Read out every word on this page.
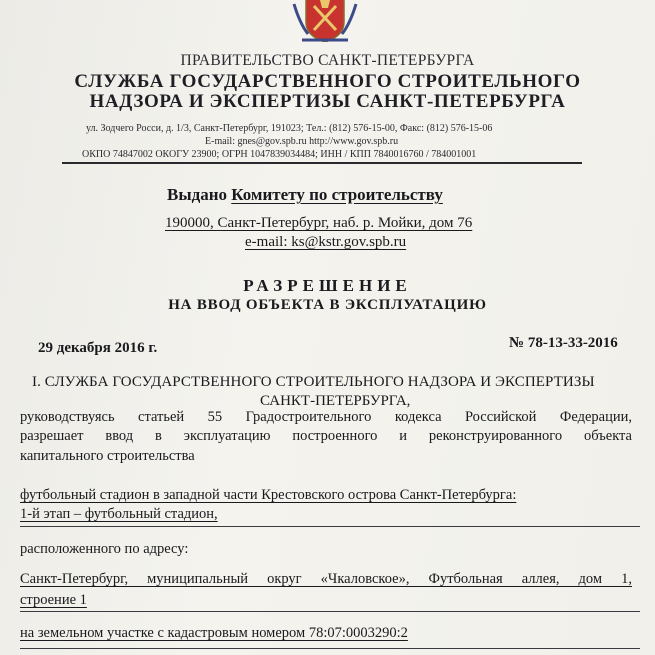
ПРАВИТЕЛЬСТВО САНКТ-ПЕТЕРБУРГА
СЛУЖБА ГОСУДАРСТВЕННОГО СТРОИТЕЛЬНОГО
НАДЗОРА И ЭКСПЕРТИЗЫ САНКТ-ПЕТЕРБУРГА
ул. Зодчего Росси, д. 1/3, Санкт-Петербург, 191023; Тел.: (812) 576-15-00, Факс: (812) 576-15-06
E-mail: gnes@gov.spb.ru http://www.gov.spb.ru
ОКПО 74847002 ОКОГУ 23900; ОГРН 1047839034484; ИНН / КПП 7840016760 / 784001001
Выдано Комитету по строительству
190000, Санкт-Петербург, наб. р. Мойки, дом 76
e-mail: ks@kstr.gov.spb.ru
РАЗРЕШЕНИЕ
НА ВВОД ОБЪЕКТА В ЭКСПЛУАТАЦИЮ
29 декабря 2016 г.	№ 78-13-33-2016
I. СЛУЖБА ГОСУДАРСТВЕННОГО СТРОИТЕЛЬНОГО НАДЗОРА И ЭКСПЕРТИЗЫ
САНКТ-ПЕТЕРБУРГА,
руководствуясь статьей 55 Градостроительного кодекса Российской Федерации,
разрешает ввод в эксплуатацию построенного и реконструированного объекта
капитального строительства
футбольный стадион в западной части Крестовского острова Санкт-Петербурга:
1-й этап – футбольный стадион,
расположенного по адресу:
Санкт-Петербург, муниципальный округ «Чкаловское», Футбольная аллея, дом 1,
строение 1
на земельном участке с кадастровым номером 78:07:0003290:2
